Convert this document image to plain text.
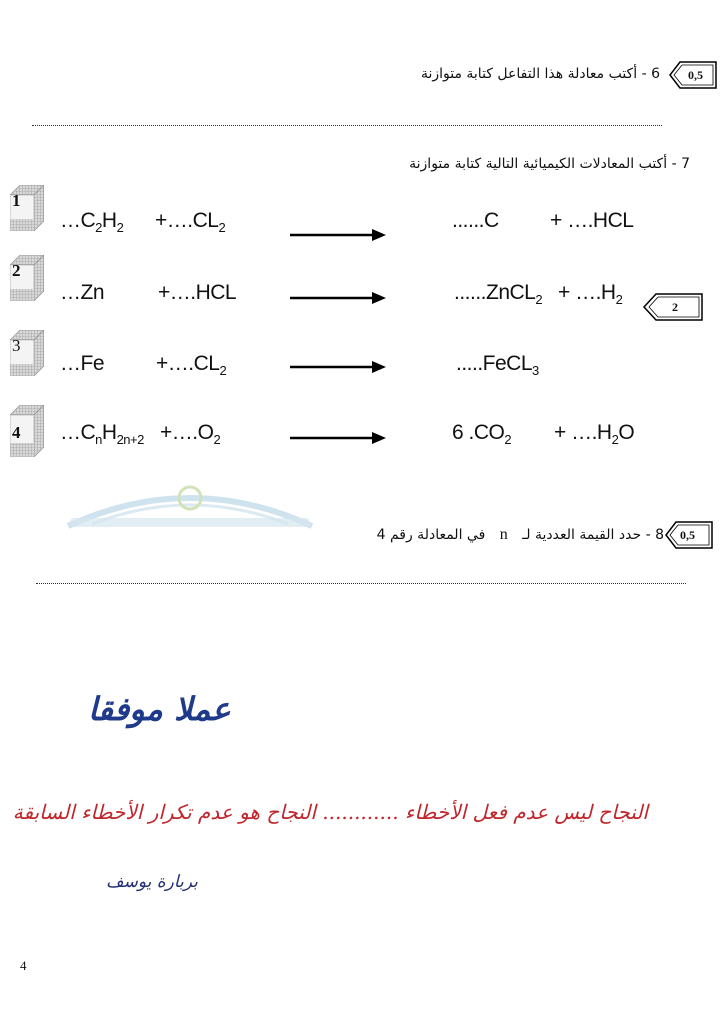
0,5
6 - أكتب معادلة هذا التفاعل كتابة متوازنة
7 - أكتب المعادلات الكيميائية التالية كتابة متوازنة
2
1
$\dots C_2H_2$ $+\dots.CL_2$	......C + ….HCL
2
…Zn	+….HCL	......ZnCL$_2$ + $\dots.H_2$
3
…Fe $+\dots.CL_2$	.....FeCL$_3$
4 $\dots C_nH_{2n+2}$ $+\dots.O_2$	6 $.CO_2$ + $\dots.H_2O$
0,5
8 - حدد القيمة العددية لـ n في المعادلة رقم 4
عملا موفقا
النجاح ليس عدم فعل الأخطاء ............ النجاح هو عدم تكرار الأخطاء السابقة
بربارة يوسف
4
